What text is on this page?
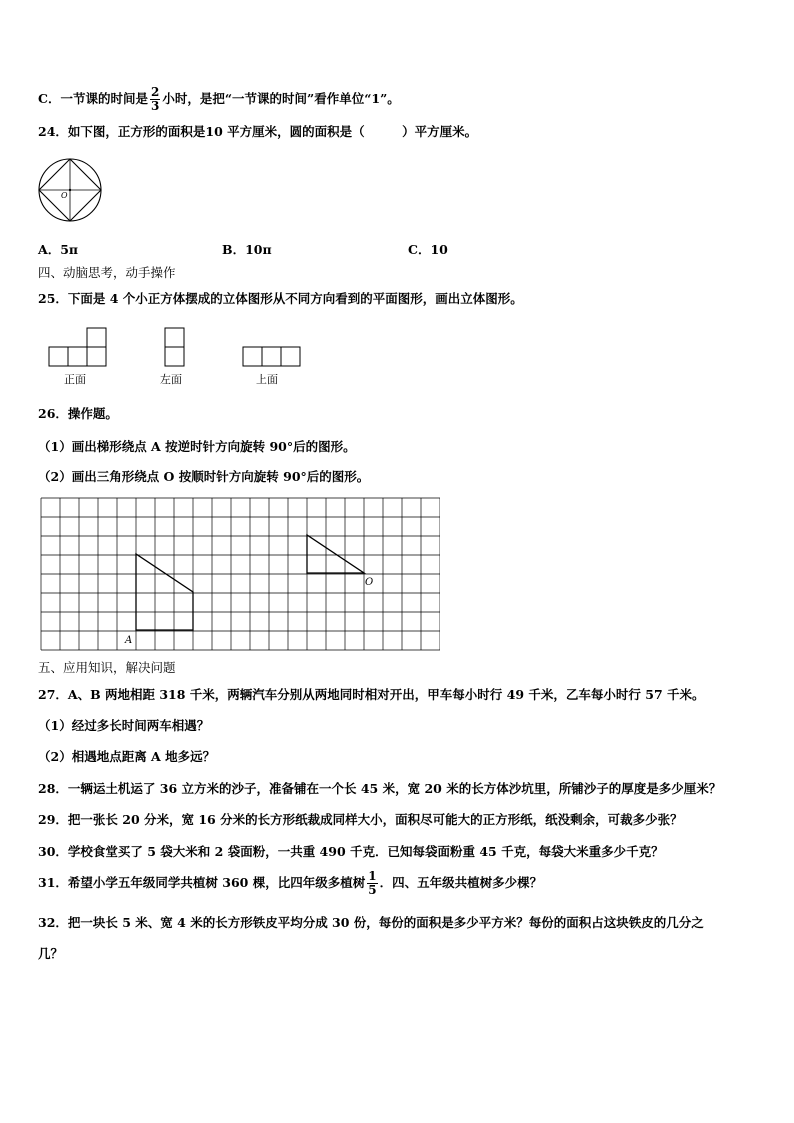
C．一节课的时间是 $\frac{2}{3}$ 小时，是把“一节课的时间”看作单位“1”。
24．如下图，正方形的面积是10 平方厘米，圆的面积是（　　　）平方厘米。
O
A．5π	B．10π	C．10
四、动脑思考，动手操作
25．下面是 4 个小正方体摆成的立体图形从不同方向看到的平面图形，画出立体图形。
正面	左面	上面
26．操作题。
（1）画出梯形绕点 A 按逆时针方向旋转 90°后的图形。
（2）画出三角形绕点 O 按顺时针方向旋转 90°后的图形。
A
O
五、应用知识，解决问题
27．A、B 两地相距 318 千米，两辆汽车分别从两地同时相对开出，甲车每小时行 49 千米，乙车每小时行 57 千米。
（1）经过多长时间两车相遇？
（2）相遇地点距离 A 地多远？
28．一辆运土机运了 36 立方米的沙子，准备铺在一个长 45 米，宽 20 米的长方体沙坑里，所铺沙子的厚度是多少厘米？
29．把一张长 20 分米，宽 16 分米的长方形纸裁成同样大小，面积尽可能大的正方形纸，纸没剩余，可裁多少张？
30．学校食堂买了 5 袋大米和 2 袋面粉，一共重 490 千克．已知每袋面粉重 45 千克，每袋大米重多少千克？
31．希望小学五年级同学共植树 360 棵，比四年级多植树 $\frac{1}{5}$ ．四、五年级共植树多少棵？
32．把一块长 5 米、宽 4 米的长方形铁皮平均分成 30 份，每份的面积是多少平方米？每份的面积占这块铁皮的几分之
几？
